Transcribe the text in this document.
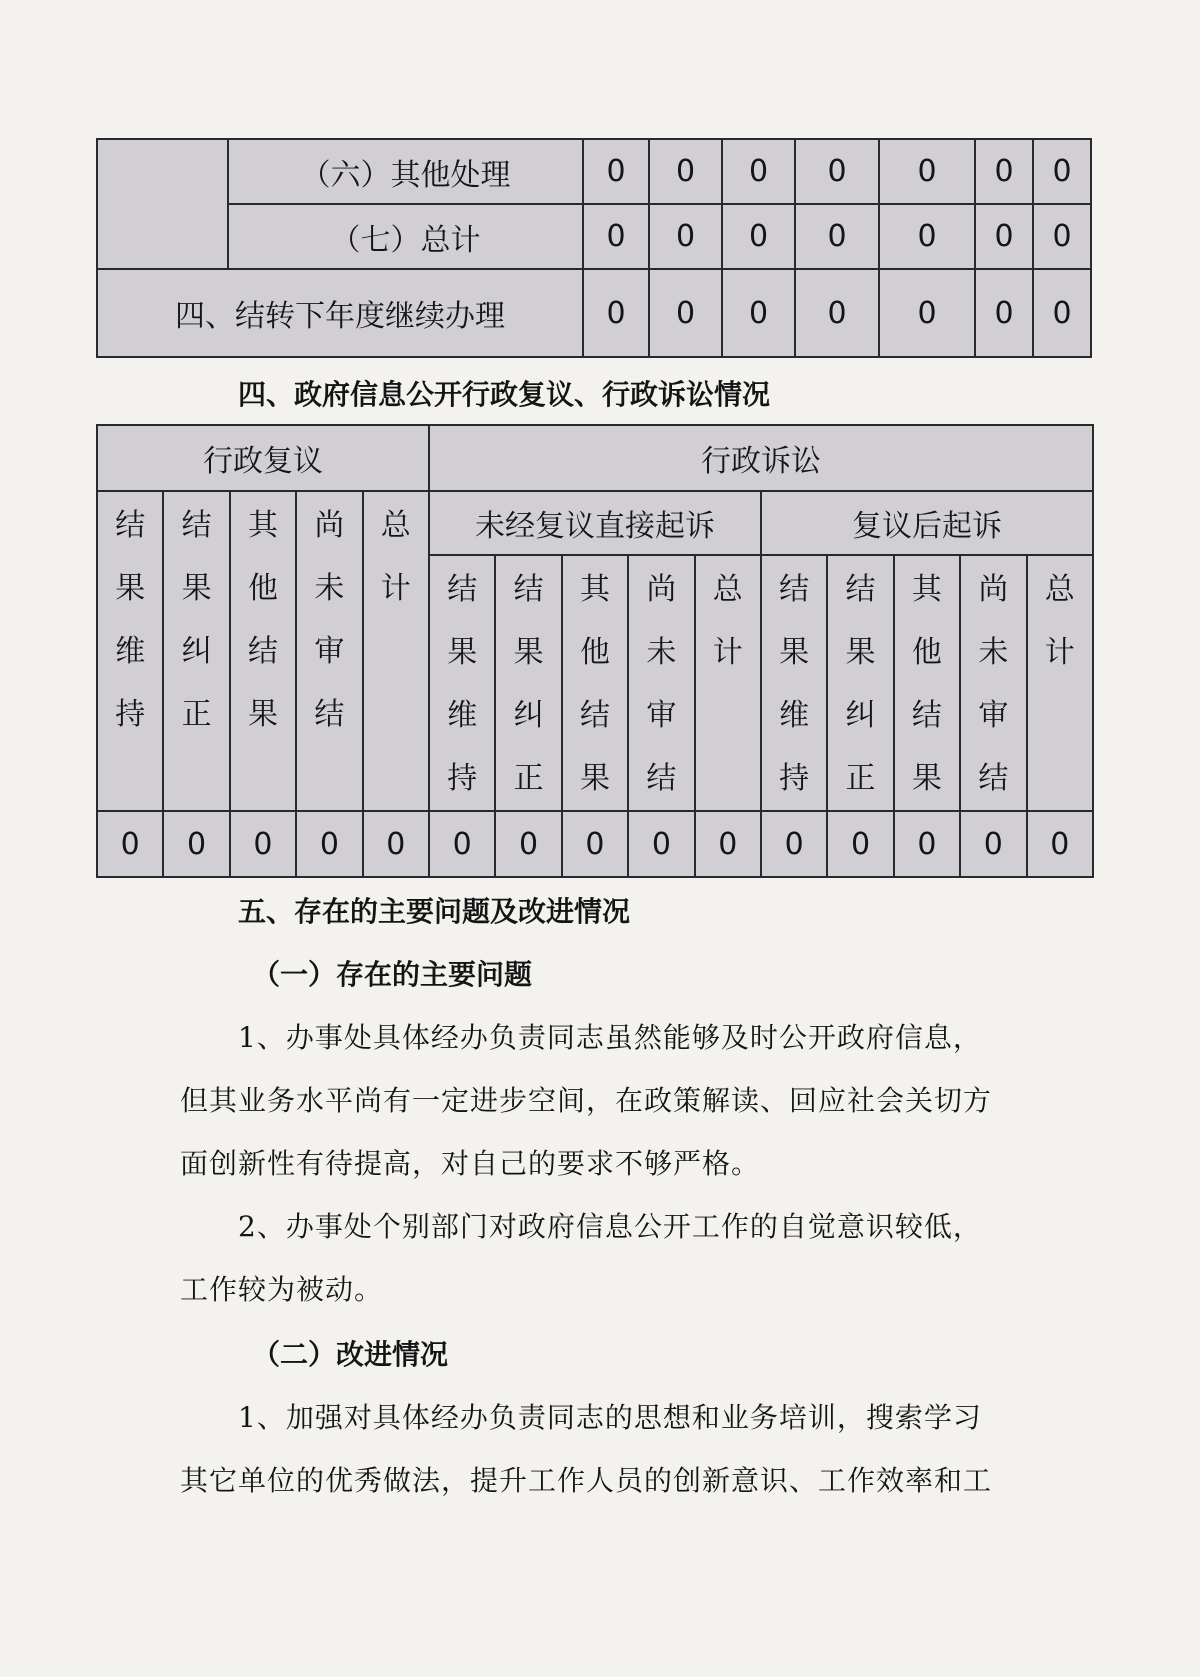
	（六）其他处理	0	0	0	0	0	0	0
	（七）总计	0	0	0	0	0	0	0
四、结转下年度继续办理		0	0	0	0	0	0	0
四、政府信息公开行政复议、行政诉讼情况
行政复议					行政诉讼									

结果维持	结果纠正	其他结果	尚未审结	总计	未经复议直接起诉					复议后起诉				

					结果维持	结果纠正	其他结果	尚未审结	总计	结果维持	结果纠正	其他结果	尚未审结	总计

0	0	0	0	0	0	0	0	0	0	0	0	0	0	0
五、存在的主要问题及改进情况
（一）存在的主要问题
1、办事处具体经办负责同志虽然能够及时公开政府信息，
但其业务水平尚有一定进步空间，在政策解读、回应社会关切方
面创新性有待提高，对自己的要求不够严格。
2、办事处个别部门对政府信息公开工作的自觉意识较低，
工作较为被动。
（二）改进情况
1、加强对具体经办负责同志的思想和业务培训，搜索学习
其它单位的优秀做法，提升工作人员的创新意识、工作效率和工
